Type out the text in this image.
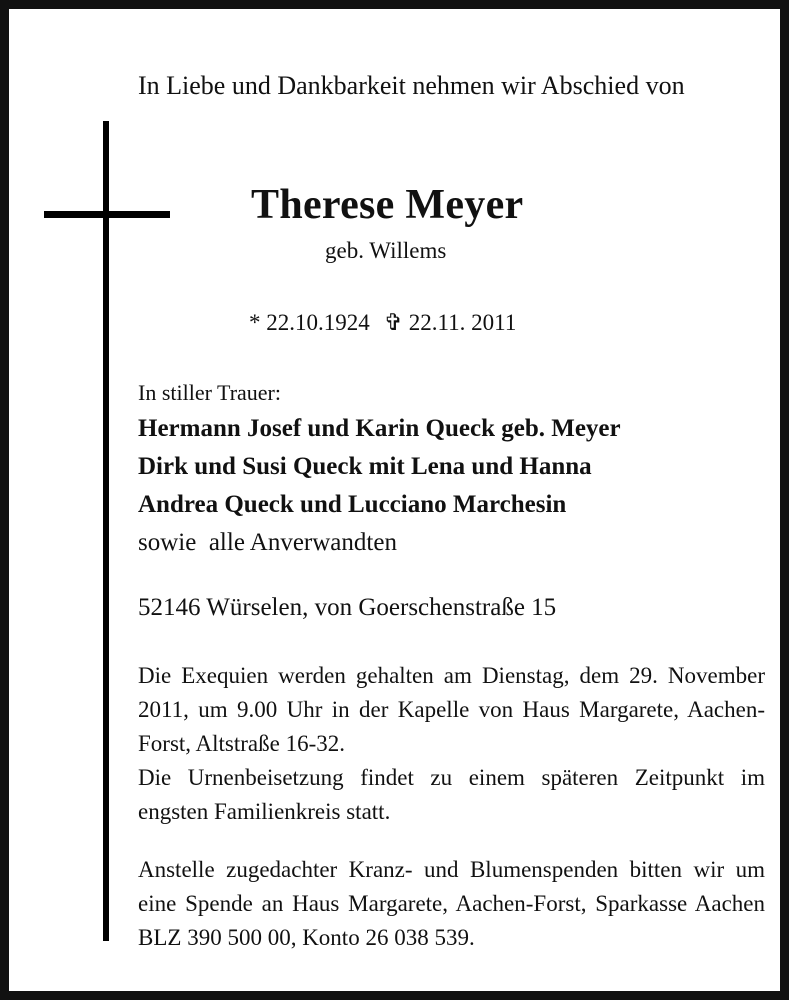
In Liebe und Dankbarkeit nehmen wir Abschied von

Therese Meyer
geb. Willems
* 22.10.1924 ✞ 22.11. 2011
In stiller Trauer:
Hermann Josef und Karin Queck geb. Meyer
Dirk und Susi Queck mit Lena und Hanna
Andrea Queck und Lucciano Marchesin
sowie  alle Anverwandten
52146 Würselen, von Goerschenstraße 15

Die Exequien werden gehalten am Dienstag, dem 29. November 2011, um 9.00 Uhr in der Kapelle von Haus Margarete, Aachen-Forst, Altstraße 16-32.

Die Urnenbeisetzung findet zu einem späteren Zeitpunkt im engsten Familienkreis statt.

Anstelle zugedachter Kranz- und Blumenspenden bitten wir um eine Spende an Haus Margarete, Aachen-Forst, Sparkasse Aachen BLZ 390 500 00, Konto 26 038 539.
